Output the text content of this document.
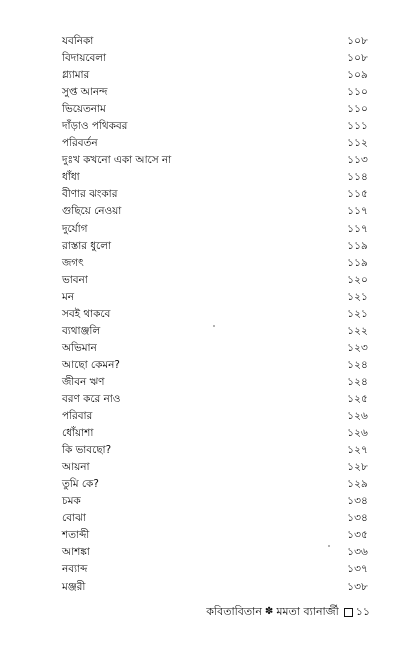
যবনিকা	১০৮
বিদায়বেলা	১০৮
গ্ল্যামার	১০৯
সুপ্ত আনন্দ	১১০
ভিয়েতনাম	১১০
দাঁড়াও পথিকবর	১১১
পরিবর্তন	১১২
দুঃখ কখনো একা আসে না	১১৩
ধাঁধা	১১৪
বীণার ঝংকার	১১৫
গুছিয়ে নেওয়া	১১৭
দুর্যোগ	১১৭
রাস্তার ধুলো	১১৯
জগৎ	১১৯
ভাবনা	১২০
মন	১২১
সবই থাকবে	১২১
ব্যথাঞ্জলি	১২২
অভিমান	১২৩
আছো কেমন?	১২৪
জীবন ঋণ	১২৪
বরণ করে নাও	১২৫
পরিবার	১২৬
ধোঁয়াশা	১২৬
কি ভাবছো?	১২৭
আয়না	১২৮
তুমি কে?	১২৯
চমক	১৩৪
বোঝা	১৩৪
শতাব্দী	১৩৫
আশঙ্কা	১৩৬
নব্যাব্দ	১৩৭
মঞ্জরী	১৩৮
কবিতাবিতান ✽ মমতা ব্যানার্জী ১১
